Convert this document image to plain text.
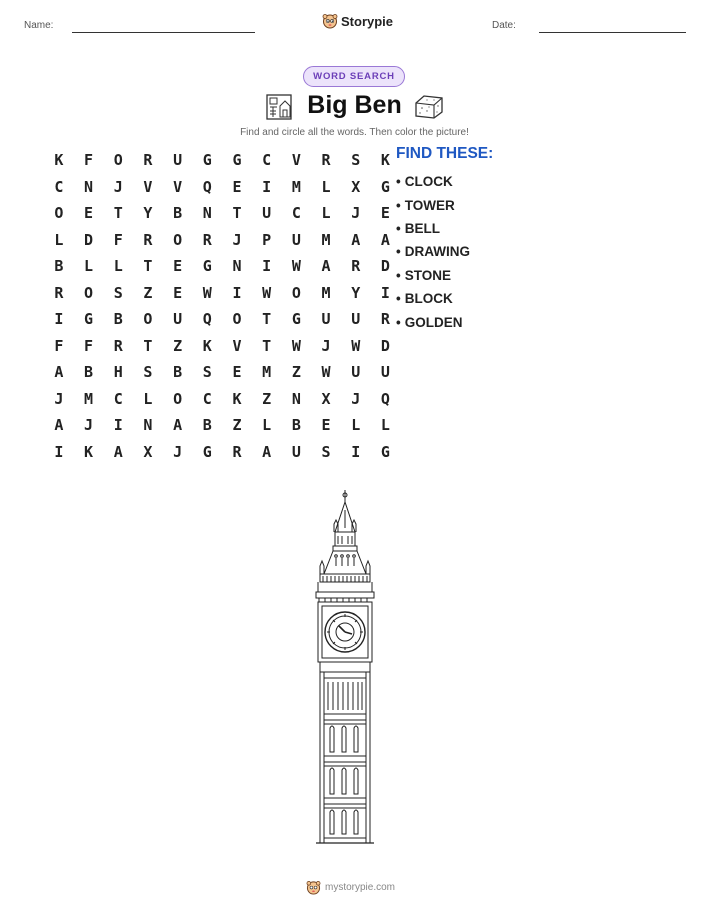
Name:	Storypie	Date:
WORD SEARCH
Big Ben
Find and circle all the words. Then color the picture!
K	F	O	R	U	G	G	C	V	R	S	K
C	N	J	V	V	Q	E	I	M	L	X	G
O	E	T	Y	B	N	T	U	C	L	J	E
L	D	F	R	O	R	J	P	U	M	A	A
B	L	L	T	E	G	N	I	W	A	R	D
R	O	S	Z	E	W	I	W	O	M	Y	I
I	G	B	O	U	Q	O	T	G	U	U	R
F	F	R	T	Z	K	V	T	W	J	W	D
A	B	H	S	B	S	E	M	Z	W	U	U
J	M	C	L	O	C	K	Z	N	X	J	Q
A	J	I	N	A	B	Z	L	B	E	L	L
I	K	A	X	J	G	R	A	U	S	I	G
FIND THESE:
• CLOCK
• TOWER
• BELL
• DRAWING
• STONE
• BLOCK
• GOLDEN
mystorypie.com
